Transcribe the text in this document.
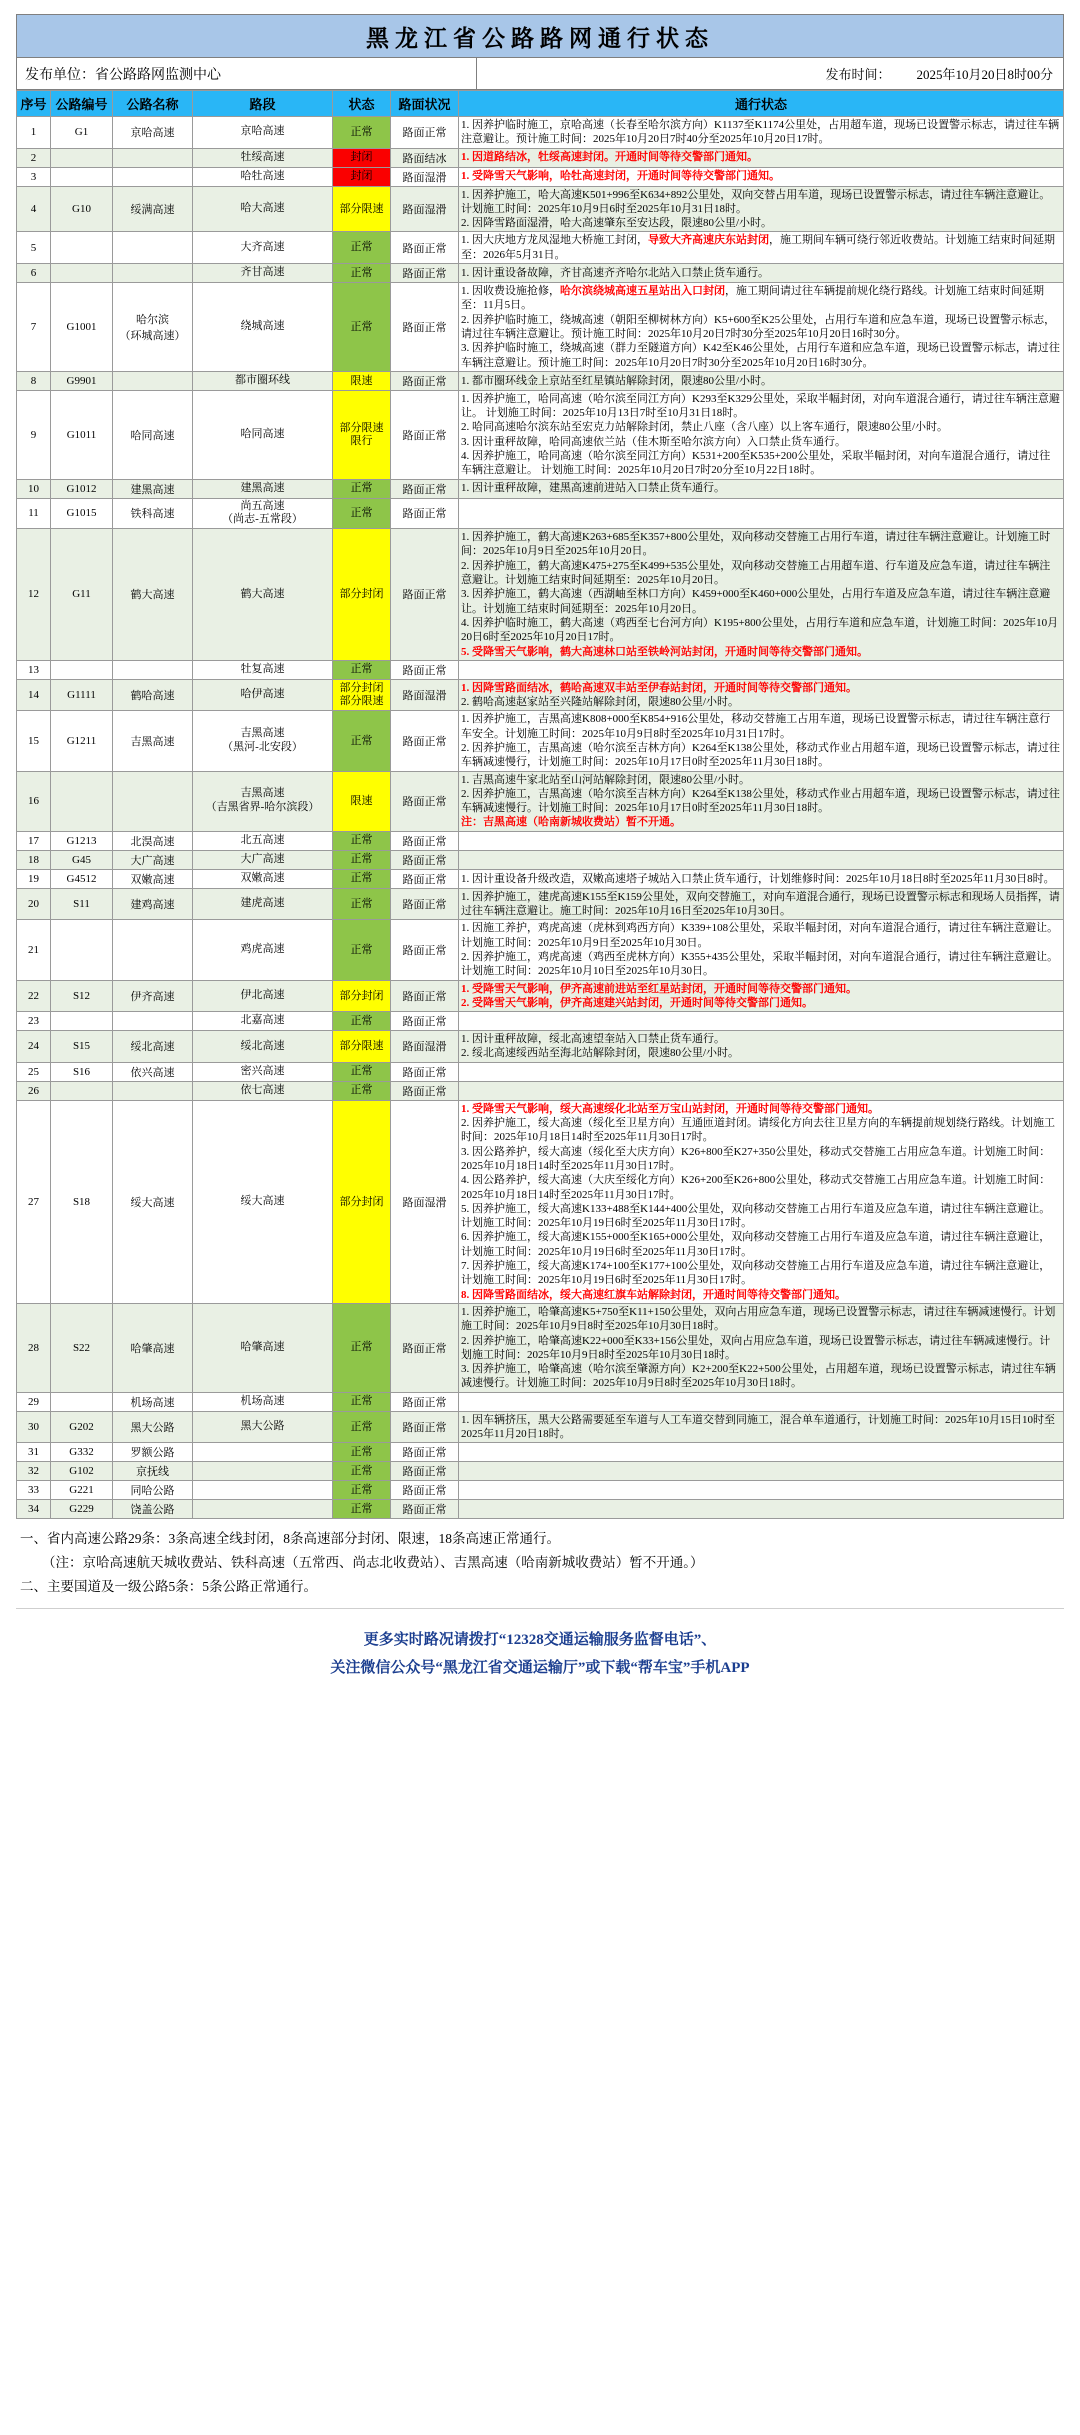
黑龙江省公路路网通行状态
发布单位：省公路路网监测中心	发布时间： 2025年10月20日8时00分
序号	公路编号	公路名称	路段	状态	路面状况	通行状态
1	G1	京哈高速	京哈高速	正常	路面正常	1. 因养护临时施工，京哈高速（长春至哈尔滨方向）K1137至K1174公里处，占用超车道，现场已设置警示标志，请过往车辆注意避让。预计施工时间：2025年10月20日7时40分至2025年10月20日17时。

2			牡绥高速	封闭	路面结冰	1. 因道路结冰，牡绥高速封闭。开通时间等待交警部门通知。

3			哈牡高速	封闭	路面湿滑	1. 受降雪天气影响，哈牡高速封闭，开通时间等待交警部门通知。

4	G10	绥满高速	哈大高速	部分限速	路面湿滑	1. 因养护施工，哈大高速K501+996至K634+892公里处，双向交替占用车道，现场已设置警示标志，请过往车辆注意避让。计划施工时间：2025年10月9日6时至2025年10月31日18时。

2. 因降雪路面湿滑，哈大高速肇东至安达段，限速80公里/小时。

5			大齐高速	正常	路面正常	1. 因大庆地方龙凤湿地大桥施工封闭，导致大齐高速庆东站封闭，施工期间车辆可绕行邻近收费站。计划施工结束时间延期至：2026年5月31日。

6			齐甘高速	正常	路面正常	1. 因计重设备故障，齐甘高速齐齐哈尔北站入口禁止货车通行。

7	G1001	哈尔滨
（环城高速）	绕城高速	正常	路面正常	

1. 因收费设施抢修，哈尔滨绕城高速五星站出入口封闭，施工期间请过往车辆提前规化绕行路线。计划施工结束时间延期至：11月5日。

2. 因养护临时施工，绕城高速（朝阳至柳树林方向）K5+600至K25公里处，占用行车道和应急车道，现场已设置警示标志，请过往车辆注意避让。预计施工时间：2025年10月20日7时30分至2025年10月20日16时30分。

3. 因养护临时施工，绕城高速（群力至隧道方向）K42至K46公里处，占用行车道和应急车道，现场已设置警示标志，请过往车辆注意避让。预计施工时间：2025年10月20日7时30分至2025年10月20日16时30分。

8	G9901		都市圈环线	限速	路面正常	1. 都市圈环线金上京站至红星镇站解除封闭，限速80公里/小时。

9	G1011	哈同高速	哈同高速	部分限速
限行	路面正常	

1. 因养护施工，哈同高速（哈尔滨至同江方向）K293至K329公里处，采取半幅封闭，对向车道混合通行，请过往车辆注意避让。 计划施工时间：2025年10月13日7时至10月31日18时。

2. 哈同高速哈尔滨东站至宏克力站解除封闭，禁止八座（含八座）以上客车通行，限速80公里/小时。

3. 因计重秤故障，哈同高速依兰站（佳木斯至哈尔滨方向）入口禁止货车通行。

4. 因养护施工，哈同高速（哈尔滨至同江方向）K531+200至K535+200公里处，采取半幅封闭，对向车道混合通行，请过往车辆注意避让。 计划施工时间：2025年10月20日7时20分至10月22日18时。

10	G1012	建黑高速	建黑高速	正常	路面正常	1. 因计重秤故障，建黑高速前进站入口禁止货车通行。

11	G1015	铁科高速	尚五高速
（尚志-五常段）	正常	路面正常	
12	G11	鹤大高速	鹤大高速	部分封闭	路面正常	1. 因养护施工，鹤大高速K263+685至K357+800公里处，双向移动交替施工占用行车道，请过往车辆注意避让。计划施工时间：2025年10月9日至2025年10月20日。

2. 因养护施工，鹤大高速K475+275至K499+535公里处，双向移动交替施工占用超车道、行车道及应急车道，请过往车辆注意避让。计划施工结束时间延期至：2025年10月20日。

3. 因养护施工，鹤大高速（西湖岫至林口方向）K459+000至K460+000公里处，占用行车道及应急车道，请过往车辆注意避让。计划施工结束时间延期至：2025年10月20日。

4. 因养护临时施工，鹤大高速（鸡西至七台河方向）K195+800公里处，占用行车道和应急车道，计划施工时间：2025年10月20日6时至2025年10月20日17时。

5. 受降雪天气影响，鹤大高速林口站至铁岭河站封闭，开通时间等待交警部门通知。

13			牡复高速	正常	路面正常	
14	G1111	鹤哈高速	哈伊高速	部分封闭
部分限速	路面湿滑	

1. 因降雪路面结冰，鹤哈高速双丰站至伊春站封闭，开通时间等待交警部门通知。

2. 鹤哈高速赵家站至兴隆站解除封闭，限速80公里/小时。

15	G1211	吉黑高速	吉黑高速
（黑河-北安段）	正常	路面正常	

1. 因养护施工，吉黑高速K808+000至K854+916公里处，移动交替施工占用车道，现场已设置警示标志，请过往车辆注意行车安全。计划施工时间：2025年10月9日8时至2025年10月31日17时。

2. 因养护施工，吉黑高速（哈尔滨至吉林方向）K264至K138公里处，移动式作业占用超车道，现场已设置警示标志，请过往车辆减速慢行，计划施工时间：2025年10月17日0时至2025年11月30日18时。

16			吉黑高速
（吉黑省界-哈尔滨段）	限速	路面正常	

1. 吉黑高速牛家北站至山河站解除封闭，限速80公里/小时。

2. 因养护施工，吉黑高速（哈尔滨至吉林方向）K264至K138公里处，移动式作业占用超车道，现场已设置警示标志，请过往车辆减速慢行。计划施工时间：2025年10月17日0时至2025年11月30日18时。

注：吉黑高速（哈南新城收费站）暂不开通。

17	G1213	北淏高速	北五高速	正常	路面正常	
18	G45	大广高速	大广高速	正常	路面正常	
19	G4512	双嫩高速	双嫩高速	正常	路面正常	1. 因计重设备升级改造，双嫩高速塔子城站入口禁止货车通行，计划维修时间：2025年10月18日8时至2025年11月30日8时。

20	S11	建鸡高速	建虎高速	正常	路面正常	1. 因养护施工，建虎高速K155至K159公里处，双向交替施工，对向车道混合通行，现场已设置警示标志和现场人员指挥，请过往车辆注意避让。施工时间：2025年10月16日至2025年10月30日。

21			鸡虎高速	正常	路面正常	1. 因施工养护，鸡虎高速（虎林到鸡西方向）K339+108公里处，采取半幅封闭，对向车道混合通行，请过往车辆注意避让。计划施工时间：2025年10月9日至2025年10月30日。

2. 因养护施工，鸡虎高速（鸡西至虎林方向）K355+435公里处，采取半幅封闭，对向车道混合通行，请过往车辆注意避让。计划施工时间：2025年10月10日至2025年10月30日。

22	S12	伊齐高速	伊北高速	部分封闭	路面正常	1. 受降雪天气影响，伊齐高速前进站至红星站封闭，开通时间等待交警部门通知。

2. 受降雪天气影响，伊齐高速建兴站封闭，开通时间等待交警部门通知。

23			北嘉高速	正常	路面正常	
24	S15	绥北高速	绥北高速	部分限速	路面湿滑	1. 因计重秤故障，绥北高速望奎站入口禁止货车通行。

2. 绥北高速绥西站至海北站解除封闭，限速80公里/小时。

25	S16	依兴高速	密兴高速	正常	路面正常	
26			依七高速	正常	路面正常	
27	S18	绥大高速	绥大高速	部分封闭	路面湿滑	

1. 受降雪天气影响，绥大高速绥化北站至万宝山站封闭，开通时间等待交警部门通知。

2. 因养护施工，绥大高速（绥化至卫星方向）互通匝道封闭。请绥化方向去往卫星方向的车辆提前规划绕行路线。计划施工时间：2025年10月18日14时至2025年11月30日17时。

3. 因公路养护，绥大高速（绥化至大庆方向）K26+800至K27+350公里处，移动式交替施工占用应急车道。计划施工时间：2025年10月18日14时至2025年11月30日17时。

4. 因公路养护，绥大高速（大庆至绥化方向）K26+200至K26+800公里处，移动式交替施工占用应急车道。计划施工时间：2025年10月18日14时至2025年11月30日17时。

5. 因养护施工，绥大高速K133+488至K144+400公里处，双向移动交替施工占用行车道及应急车道，请过往车辆注意避让。计划施工时间：2025年10月19日6时至2025年11月30日17时。

6. 因养护施工，绥大高速K155+000至K165+000公里处，双向移动交替施工占用行车道及应急车道，请过往车辆注意避让，计划施工时间：2025年10月19日6时至2025年11月30日17时。

7. 因养护施工，绥大高速K174+100至K177+100公里处，双向移动交替施工占用行车道及应急车道，请过往车辆注意避让，计划施工时间：2025年10月19日6时至2025年11月30日17时。

8. 因降雪路面结冰，绥大高速红旗车站解除封闭，开通时间等待交警部门通知。

28	S22	哈肇高速	哈肇高速	正常	路面正常	1. 因养护施工，哈肇高速K5+750至K11+150公里处，双向占用应急车道，现场已设置警示标志，请过往车辆减速慢行。计划施工时间：2025年10月9日8时至2025年10月30日18时。

2. 因养护施工，哈肇高速K22+000至K33+156公里处，双向占用应急车道，现场已设置警示标志，请过往车辆减速慢行。计划施工时间：2025年10月9日8时至2025年10月30日18时。

3. 因养护施工，哈肇高速（哈尔滨至肇源方向）K2+200至K22+500公里处，占用超车道，现场已设置警示标志，请过往车辆减速慢行。计划施工时间：2025年10月9日8时至2025年10月30日18时。

29		机场高速	机场高速	正常	路面正常	
30	G202	黑大公路	黑大公路	正常	路面正常	1. 因车辆挤压，黑大公路需要延至车道与人工车道交替到同施工，混合单车道通行，计划施工时间：2025年10月15日10时至2025年11月20日18时。

31	G332	罗额公路		正常	路面正常	
32	G102	京抚线		正常	路面正常	
33	G221	同哈公路		正常	路面正常	
34	G229	饶盖公路		正常	路面正常	
一、省内高速公路29条：3条高速全线封闭，8条高速部分封闭、限速，18条高速正常通行。
（注：京哈高速航天城收费站、铁科高速（五常西、尚志北收费站）、吉黑高速（哈南新城收费站）暂不开通。）
二、主要国道及一级公路5条：5条公路正常通行。
更多实时路况请拨打“12328交通运输服务监督电话”、
关注微信公众号“黑龙江省交通运输厅”或下载“帮车宝”手机APP
